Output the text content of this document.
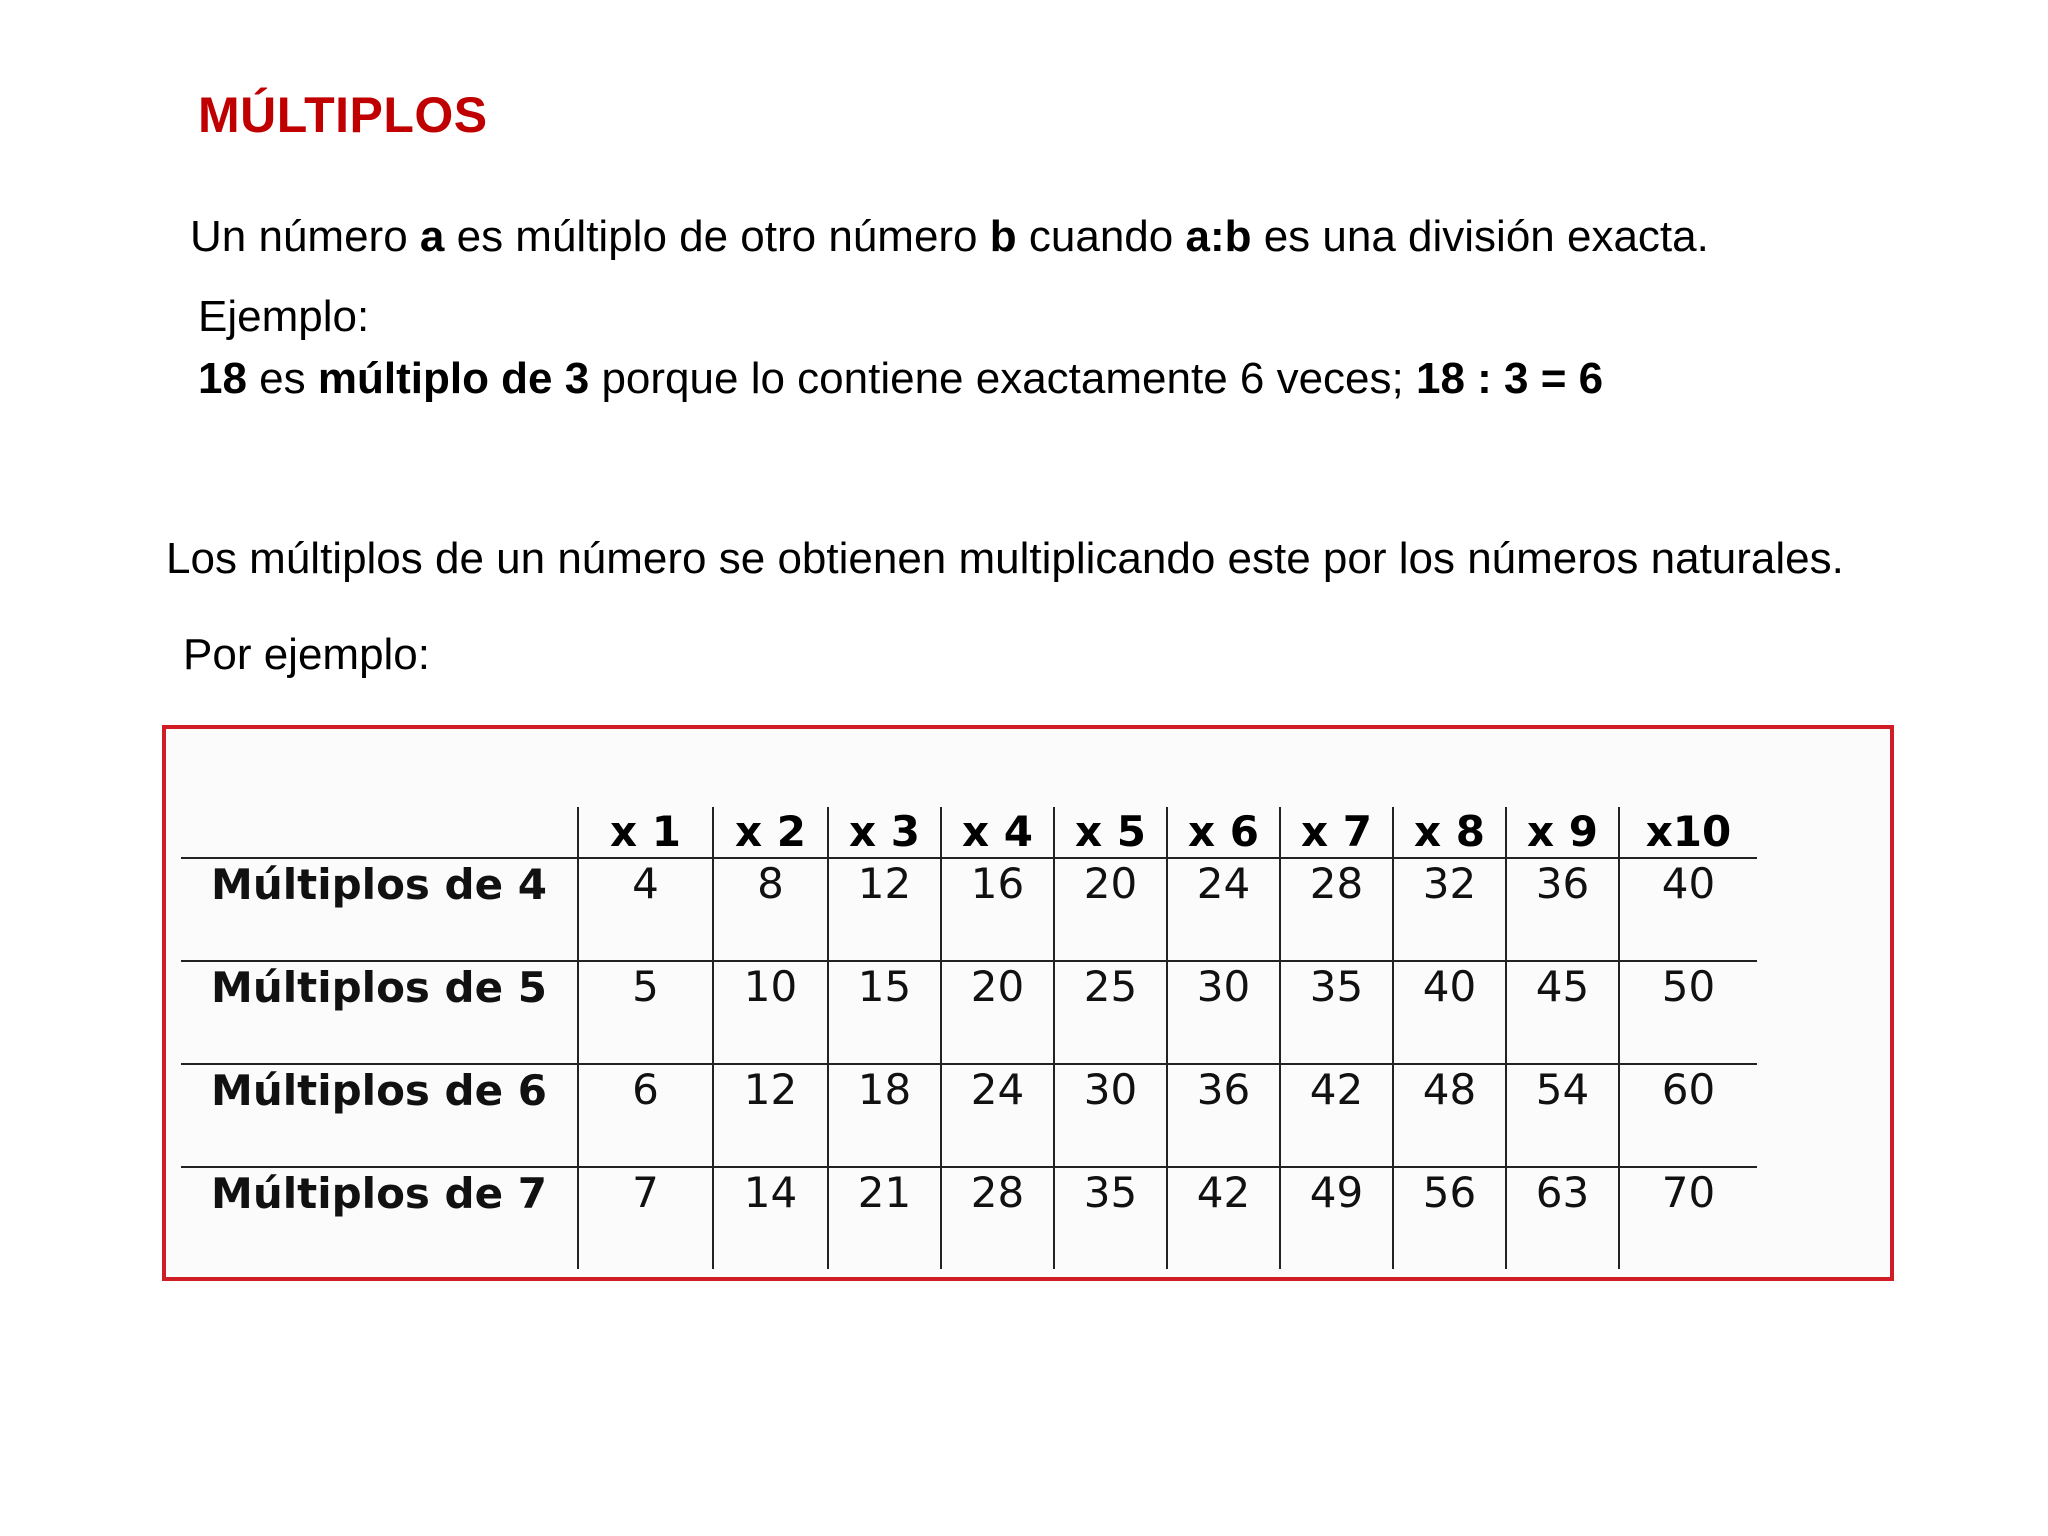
MÚLTIPLOS
Un número a es múltiplo de otro número b cuando a:b es una división exacta.
Ejemplo:
18 es múltiplo de 3 porque lo contiene exactamente 6 veces; 18 : 3 = 6
Los múltiplos de un número se obtienen multiplicando este por los números naturales.
Por ejemplo:
	x 1	x 2	x 3	x 4	x 5	x 6	x 7	x 8	x 9	x10
Múltiplos de 4	4	8	12	16	20	24	28	32	36	40
Múltiplos de 5	5	10	15	20	25	30	35	40	45	50
Múltiplos de 6	6	12	18	24	30	36	42	48	54	60
Múltiplos de 7	7	14	21	28	35	42	49	56	63	70
